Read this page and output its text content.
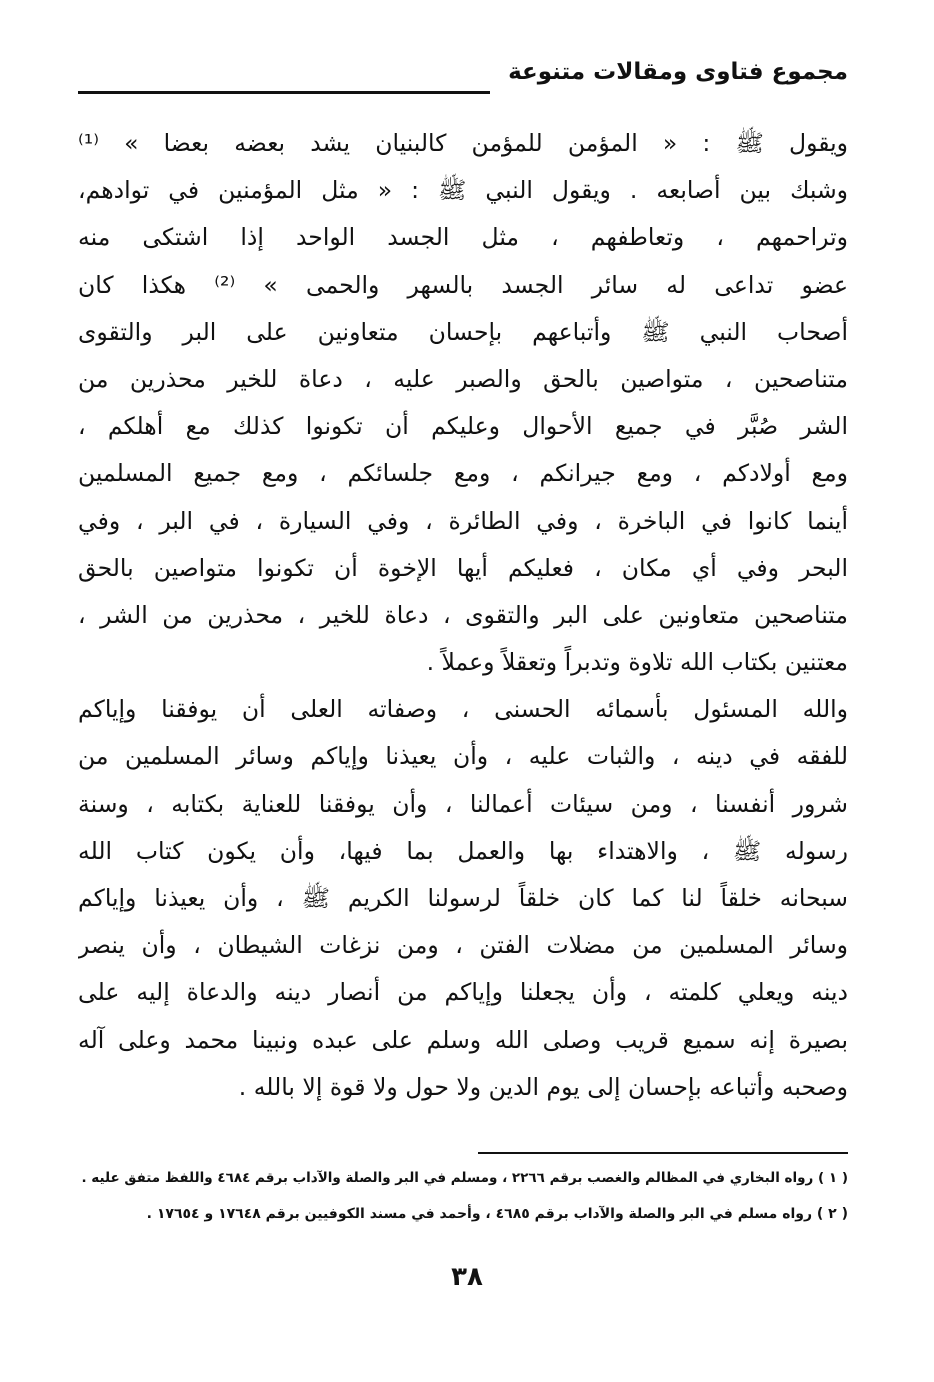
مجموع فتاوى ومقالات متنوعة
ويقول ﷺ : « المؤمن للمؤمن كالبنيان يشد بعضه بعضا » ⁽¹⁾
وشبك بين أصابعه . ويقول النبي ﷺ : « مثل المؤمنين في توادهم،
وتراحمهم ، وتعاطفهم ، مثل الجسد الواحد إذا اشتكى منه
عضو تداعى له سائر الجسد بالسهر والحمى » ⁽²⁾ هكذا كان
أصحاب النبي ﷺ وأتباعهم بإحسان متعاونين على البر والتقوى
متناصحين ، متواصين بالحق والصبر عليه ، دعاة للخير محذرين من
الشر صُبَّر في جميع الأحوال وعليكم أن تكونوا كذلك مع أهلكم ،
ومع أولادكم ، ومع جيرانكم ، ومع جلسائكم ، ومع جميع المسلمين
أينما كانوا في الباخرة ، وفي الطائرة ، وفي السيارة ، في البر ، وفي
البحر وفي أي مكان ، فعليكم أيها الإخوة أن تكونوا متواصين بالحق
متناصحين متعاونين على البر والتقوى ، دعاة للخير ، محذرين من الشر ،
معتنين بكتاب الله تلاوة وتدبراً وتعقلاً وعملاً .
والله المسئول بأسمائه الحسنى ، وصفاته العلى أن يوفقنا وإياكم
للفقه في دينه ، والثبات عليه ، وأن يعيذنا وإياكم وسائر المسلمين من
شرور أنفسنا ، ومن سيئات أعمالنا ، وأن يوفقنا للعناية بكتابه ، وسنة
رسوله ﷺ ، والاهتداء بها والعمل بما فيها، وأن يكون كتاب الله
سبحانه خلقاً لنا كما كان خلقاً لرسولنا الكريم ﷺ ، وأن يعيذنا وإياكم
وسائر المسلمين من مضلات الفتن ، ومن نزغات الشيطان ، وأن ينصر
دينه ويعلي كلمته ، وأن يجعلنا وإياكم من أنصار دينه والدعاة إليه على
بصيرة إنه سميع قريب وصلى الله وسلم على عبده ونبينا محمد وعلى آله
وصحبه وأتباعه بإحسان إلى يوم الدين ولا حول ولا قوة إلا بالله .
( ١ ) رواه البخاري في المظالم والغصب برقم ٢٢٦٦ ، ومسلم في البر والصلة والآداب برقم ٤٦٨٤ واللفظ متفق عليه .
( ٢ ) رواه مسلم في البر والصلة والآداب برقم ٤٦٨٥ ، وأحمد في مسند الكوفيين برقم ١٧٦٤٨ و ١٧٦٥٤ .
٣٨
